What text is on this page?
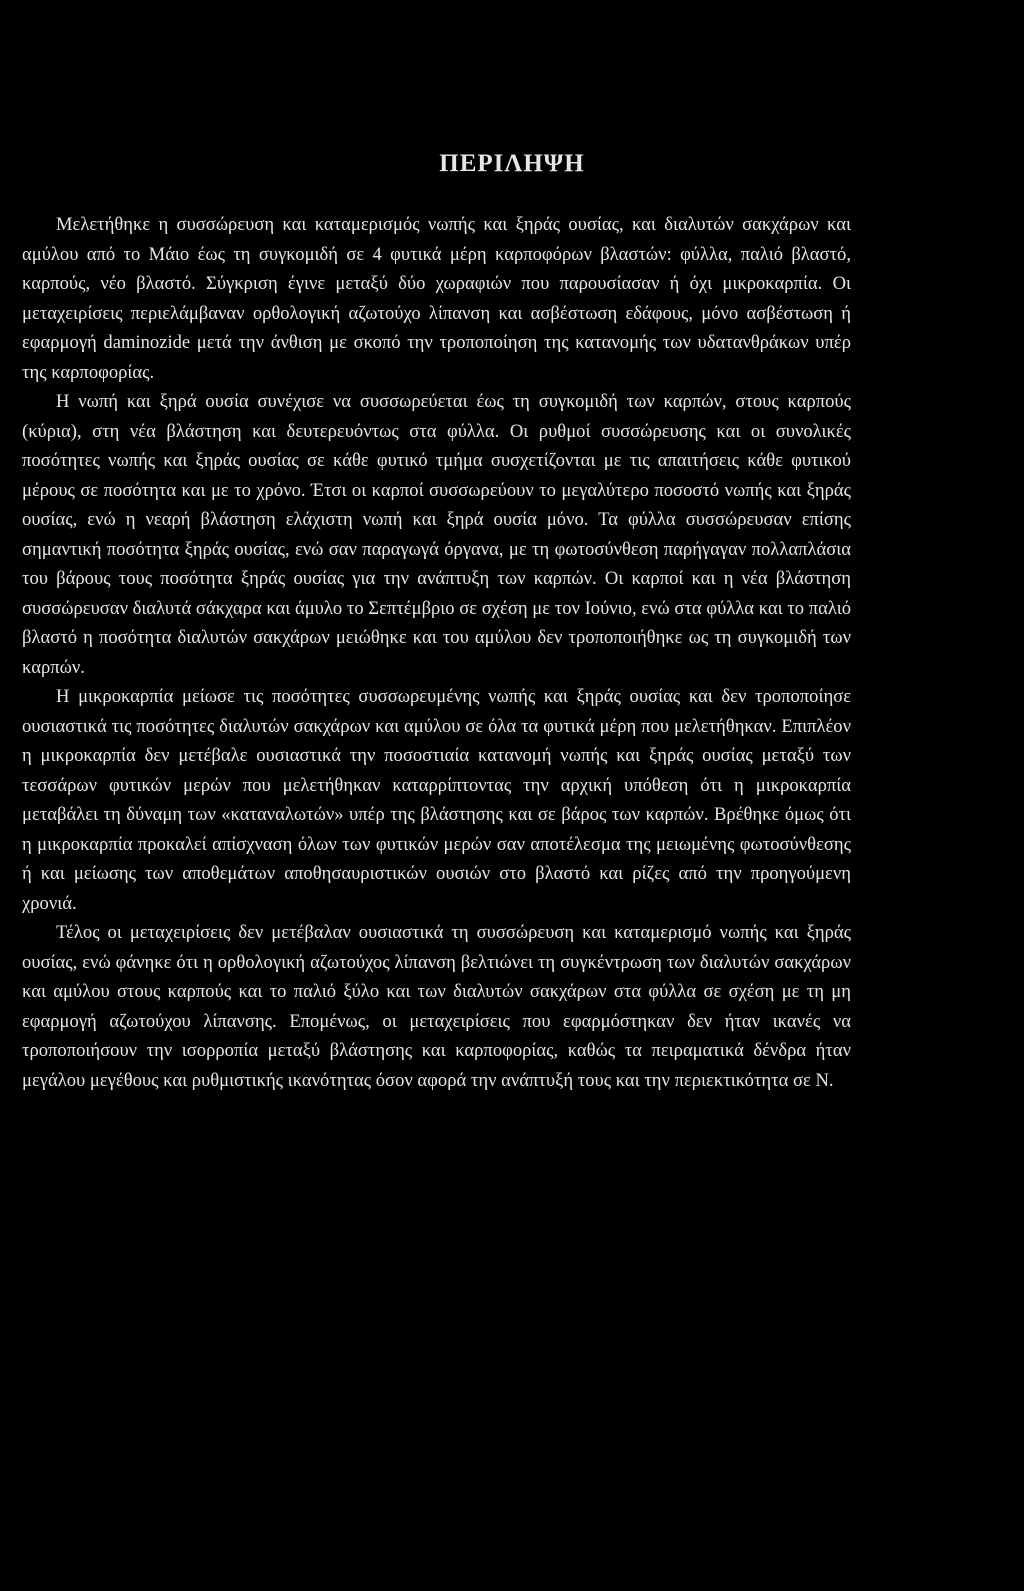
ΠΕΡΙΛΗΨΗ

Μελετήθηκε η συσσώρευση και καταμερισμός νωπής και ξηράς ουσίας, και διαλυτών σακχάρων και αμύλου από το Μάιο έως τη συγκομιδή σε 4 φυτικά μέρη καρποφόρων βλαστών: φύλλα, παλιό βλαστό, καρπούς, νέο βλαστό. Σύγκριση έγινε μεταξύ δύο χωραφιών που παρουσίασαν ή όχι μικροκαρπία. Οι μεταχειρίσεις περιελάμβαναν ορθολογική αζωτούχο λίπανση και ασβέστωση εδάφους, μόνο ασβέστωση ή εφαρμογή daminozide μετά την άνθιση με σκοπό την τροποποίηση της κατανομής των υδατανθράκων υπέρ της καρποφορίας.

Η νωπή και ξηρά ουσία συνέχισε να συσσωρεύεται έως τη συγκομιδή των καρπών, στους καρπούς (κύρια), στη νέα βλάστηση και δευτερευόντως στα φύλλα. Οι ρυθμοί συσσώρευσης και οι συνολικές ποσότητες νωπής και ξηράς ουσίας σε κάθε φυτικό τμήμα συσχετίζονται με τις απαιτήσεις κάθε φυτικού μέρους σε ποσότητα και με το χρόνο. Έτσι οι καρποί συσσωρεύουν το μεγαλύτερο ποσοστό νωπής και ξηράς ουσίας, ενώ η νεαρή βλάστηση ελάχιστη νωπή και ξηρά ουσία μόνο. Τα φύλλα συσσώρευσαν επίσης σημαντική ποσότητα ξηράς ουσίας, ενώ σαν παραγωγά όργανα, με τη φωτοσύνθεση παρήγαγαν πολλαπλάσια του βάρους τους ποσότητα ξηράς ουσίας για την ανάπτυξη των καρπών. Οι καρποί και η νέα βλάστηση συσσώρευσαν διαλυτά σάκχαρα και άμυλο το Σεπτέμβριο σε σχέση με τον Ιούνιο, ενώ στα φύλλα και το παλιό βλαστό η ποσότητα διαλυτών σακχάρων μειώθηκε και του αμύλου δεν τροποποιήθηκε ως τη συγκομιδή των καρπών.

Η μικροκαρπία μείωσε τις ποσότητες συσσωρευμένης νωπής και ξηράς ουσίας και δεν τροποποίησε ουσιαστικά τις ποσότητες διαλυτών σακχάρων και αμύλου σε όλα τα φυτικά μέρη που μελετήθηκαν. Επιπλέον η μικροκαρπία δεν μετέβαλε ουσιαστικά την ποσοστιαία κατανομή νωπής και ξηράς ουσίας μεταξύ των τεσσάρων φυτικών μερών που μελετήθηκαν καταρρίπτοντας την αρχική υπόθεση ότι η μικροκαρπία μεταβάλει τη δύναμη των «καταναλωτών» υπέρ της βλάστησης και σε βάρος των καρπών. Βρέθηκε όμως ότι η μικροκαρπία προκαλεί απίσχναση όλων των φυτικών μερών σαν αποτέλεσμα της μειωμένης φωτοσύνθεσης ή και μείωσης των αποθεμάτων αποθησαυριστικών ουσιών στο βλαστό και ρίζες από την προηγούμενη χρονιά.

Τέλος οι μεταχειρίσεις δεν μετέβαλαν ουσιαστικά τη συσσώρευση και καταμερισμό νωπής και ξηράς ουσίας, ενώ φάνηκε ότι η ορθολογική αζωτούχος λίπανση βελτιώνει τη συγκέντρωση των διαλυτών σακχάρων και αμύλου στους καρπούς και το παλιό ξύλο και των διαλυτών σακχάρων στα φύλλα σε σχέση με τη μη εφαρμογή αζωτούχου λίπανσης. Επομένως, οι μεταχειρίσεις που εφαρμόστηκαν δεν ήταν ικανές να τροποποιήσουν την ισορροπία μεταξύ βλάστησης και καρποφορίας, καθώς τα πειραματικά δένδρα ήταν μεγάλου μεγέθους και ρυθμιστικής ικανότητας όσον αφορά την ανάπτυξή τους και την περιεκτικότητα σε Ν.
